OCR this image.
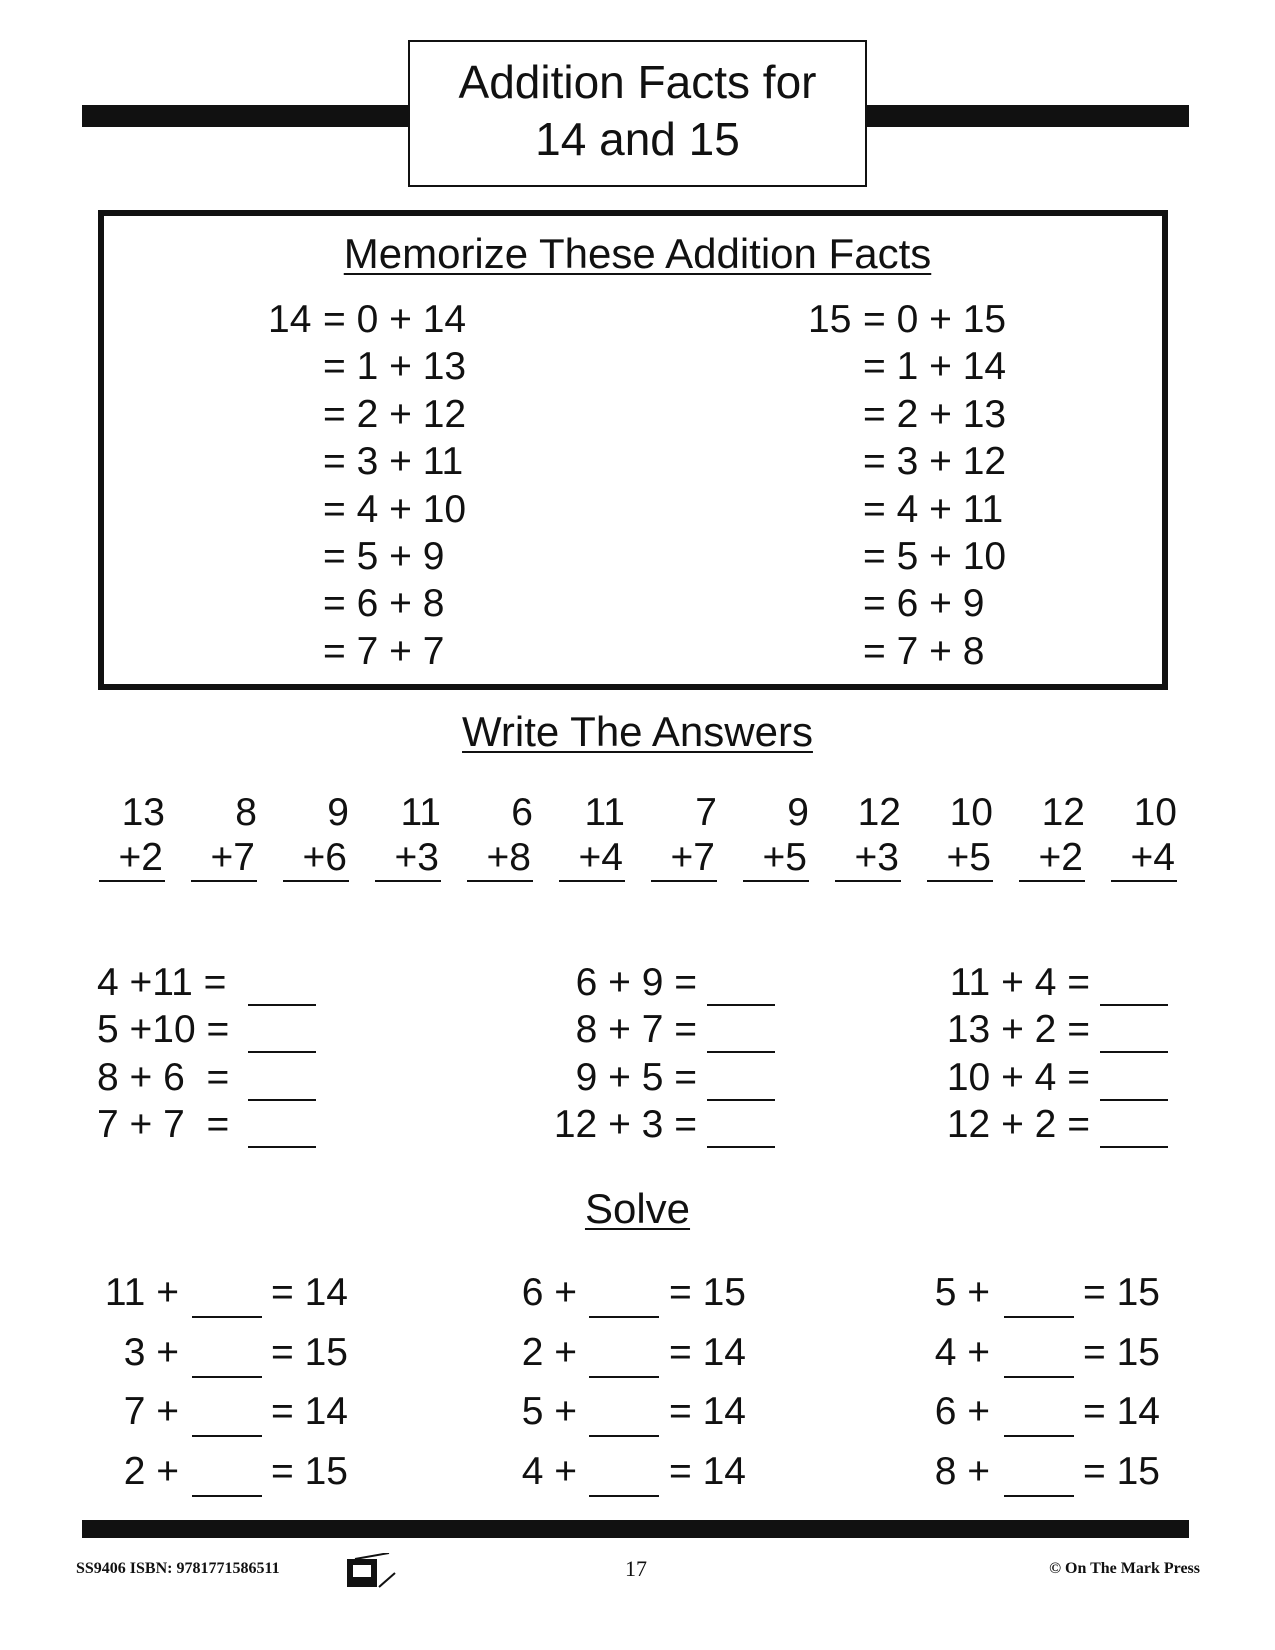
Addition Facts for
14 and 15
Memorize These Addition Facts
14 = 0 + 14
= 1 + 13
= 2 + 12
= 3 + 11
= 4 + 10
= 5 + 9
= 6 + 8
= 7 + 7
15 = 0 + 15
= 1 + 14
= 2 + 13
= 3 + 12
= 4 + 11
= 5 + 10
= 6 + 9
= 7 + 8
Write The Answers
13
+2
8
+7
9
+6
11
+3
6
+8
11
+4
7
+7
9
+5
12
+3
10
+5
12
+2
10
+4
4 +11 =
5 +10 =
8 + 6  =
7 + 7  =
6 + 9 =
8 + 7 =
9 + 5 =
12 + 3 =
11 + 4 =
13 + 2 =
10 + 4 =
12 + 2 =
Solve
11 + = 14
3 + = 15
7 + = 14
2 + = 15
6 + = 15
2 + = 14
5 + = 14
4 + = 14
5 + = 15
4 + = 15
6 + = 14
8 + = 15
SS9406 ISBN: 9781771586511	17	© On The Mark Press
